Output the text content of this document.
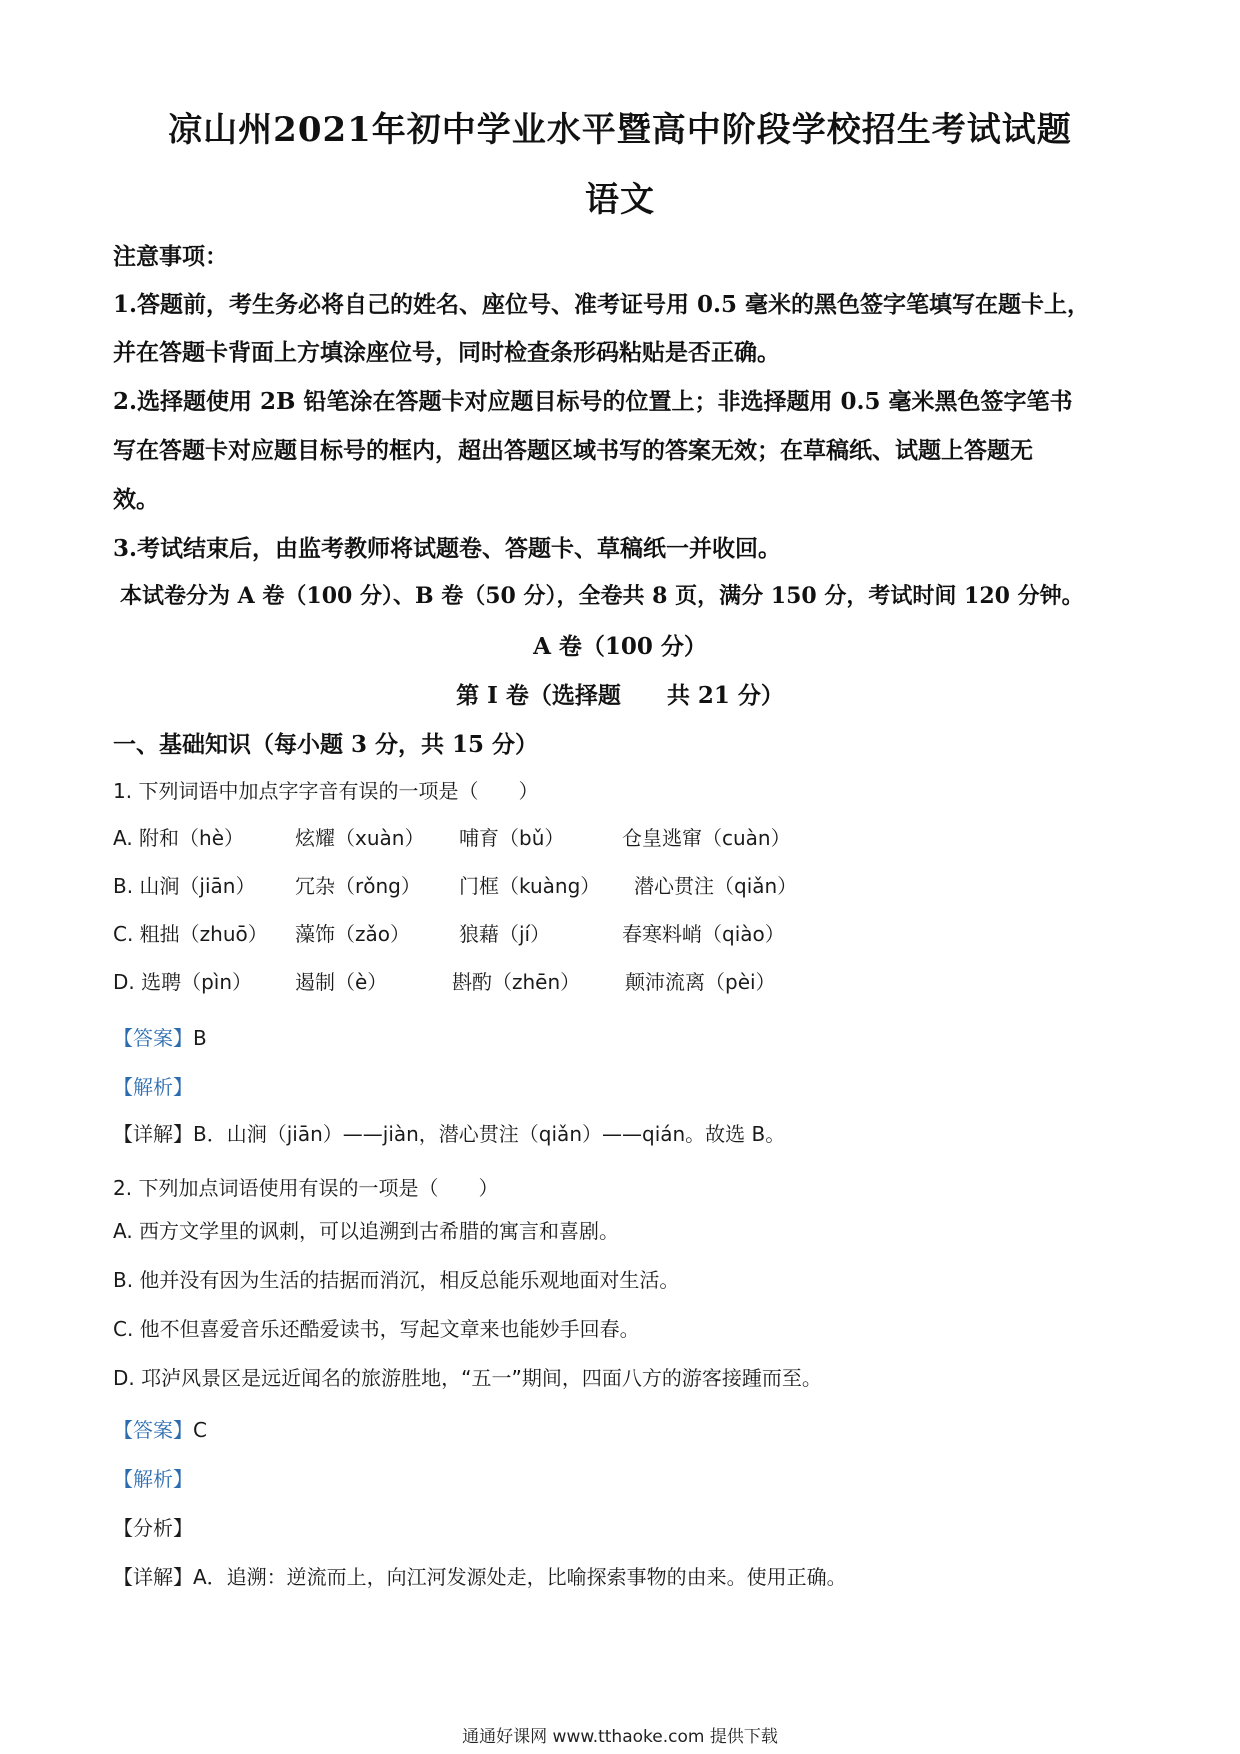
凉山州2021年初中学业水平暨高中阶段学校招生考试试题
语文
注意事项：
1.答题前，考生务必将自己的姓名、座位号、准考证号用 0.5 毫米的黑色签字笔填写在题卡上，
并在答题卡背面上方填涂座位号，同时检查条形码粘贴是否正确。
2.选择题使用 2B 铅笔涂在答题卡对应题目标号的位置上；非选择题用 0.5 毫米黑色签字笔书
写在答题卡对应题目标号的框内，超出答题区域书写的答案无效；在草稿纸、试题上答题无
效。
3.考试结束后，由监考教师将试题卷、答题卡、草稿纸一并收回。
本试卷分为 A 卷（100 分）、B 卷（50 分），全卷共 8 页，满分 150 分，考试时间 120 分钟。
A 卷（100 分）
第 I 卷（选择题　　共 21 分）
一、基础知识（每小题 3 分，共 15 分）
1. 下列词语中加点字字音有误的一项是（　　）
A. 附和（hè）	炫耀（xuàn） 哺育（bǔ）	仓皇逃窜（cuàn）
B. 山涧（jiān） 冗杂（rǒng） 门框（kuàng） 潜心贯注（qiǎn）
C. 粗拙（zhuō） 藻饰（zǎo） 狼藉（jí）	春寒料峭（qiào）
D. 选聘（pìn） 遏制（è）	斟酌（zhēn） 颠沛流离（pèi）
【答案】B
【解析】
【详解】B．山涧（jiān）——jiàn，潜心贯注（qiǎn）——qián。故选 B。
2. 下列加点词语使用有误的一项是（　　）
A. 西方文学里的讽刺，可以追溯到古希腊的寓言和喜剧。
B. 他并没有因为生活的拮据而消沉，相反总能乐观地面对生活。
C. 他不但喜爱音乐还酷爱读书，写起文章来也能妙手回春。
D. 邛泸风景区是远近闻名的旅游胜地，“五一”期间，四面八方的游客接踵而至。
【答案】C
【解析】
【分析】
【详解】A．追溯：逆流而上，向江河发源处走，比喻探索事物的由来。使用正确。
通通好课网 www.tthaoke.com 提供下载
